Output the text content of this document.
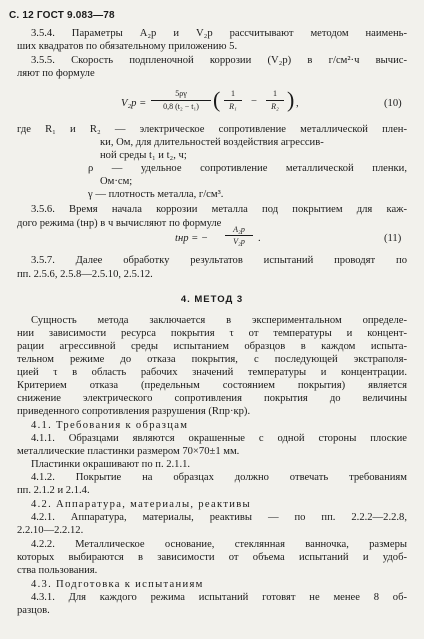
С. 12 ГОСТ 9.083—78
3.5.4. Параметры A₂р и V₂р рассчитывают методом наимень-
ших квадратов по обязательному приложению 5.
3.5.5. Скорость подпленочной коррозии (V₂р) в г/см²·ч вычис-
ляют по формуле
V₂р =
5ργ
0,8 (t₂ − t₁) (	1
R₁	−
1
R₂ ) ,	(10)
где R₁ и R₂ — электрическое сопротивление металлической плен-
ки, Ом, для длительностей воздействия агрессив-
ной среды t₁ и t₂, ч;
ρ — удельное сопротивление металлической пленки,
Ом·см;
γ — плотность металла, г/см³.
3.5.6. Время начала коррозии металла под покрытием для каж-
дого режима (tнр) в ч вычисляют по формуле
tнр = −
A₂р
V₂р	.	(11)
3.5.7. Далее обработку результатов испытаний проводят по
пп. 2.5.6, 2.5.8—2.5.10, 2.5.12.
4. МЕТОД 3
Сущность метода заключается в экспериментальном определе-
нии зависимости ресурса покрытия τ от температуры и концент-
рации агрессивной среды испытанием образцов в каждом испыта-
тельном режиме до отказа покрытия, с последующей экстраполя-
цией τ в область рабочих значений температуры и концентрации.
Критерием отказа (предельным состоянием покрытия) является
снижение электрического сопротивления покрытия до величины
приведенного сопротивления разрушения (Rпр·кр).
4.1. Требования к образцам
4.1.1. Образцами являются окрашенные с одной стороны плоские
металлические пластинки размером 70×70±1 мм.
Пластинки окрашивают по п. 2.1.1.
4.1.2. Покрытие на образцах должно отвечать требованиям
пп. 2.1.2 и 2.1.4.
4.2. Аппаратура, материалы, реактивы
4.2.1. Аппаратура, материалы, реактивы — по пп. 2.2.2—2.2.8,
2.2.10—2.2.12.
4.2.2. Металлическое основание, стеклянная ванночка, размеры
которых выбираются в зависимости от объема испытаний и удоб-
ства пользования.
4.3. Подготовка к испытаниям
4.3.1. Для каждого режима испытаний готовят не менее 8 об-
разцов.
